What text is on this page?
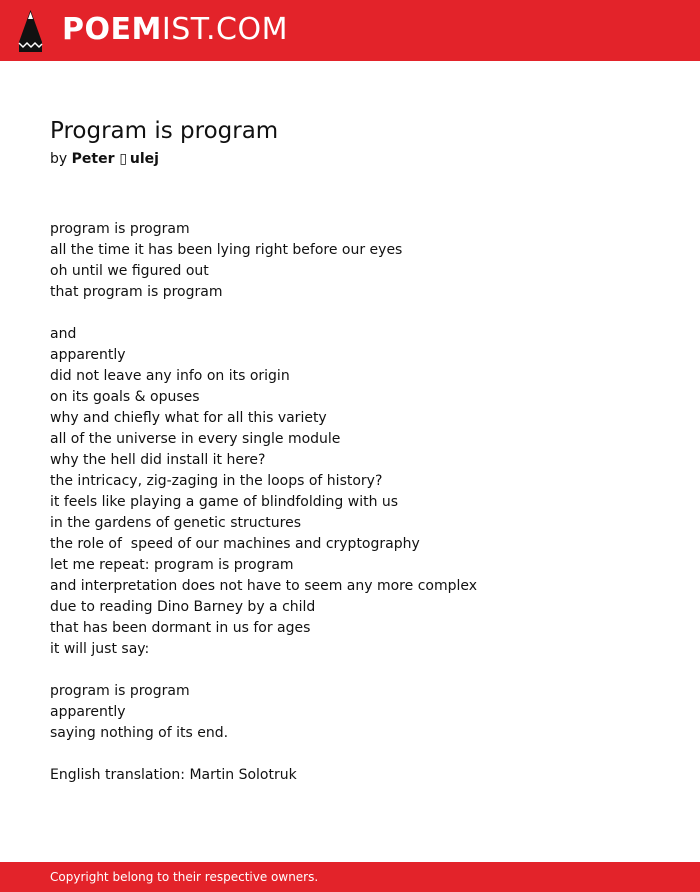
POEMIST.COM
Program is program
by Peter ▯ ulej
program is program
all the time it has been lying right before our eyes
oh until we figured out
that program is program
and
apparently
did not leave any info on its origin
on its goals & opuses
why and chiefly what for all this variety
all of the universe in every single module
why the hell did install it here?
the intricacy, zig-zaging in the loops of history?
it feels like playing a game of blindfolding with us
in the gardens of genetic structures
the role of  speed of our machines and cryptography
let me repeat: program is program
and interpretation does not have to seem any more complex
due to reading Dino Barney by a child
that has been dormant in us for ages
it will just say:
program is program
apparently
saying nothing of its end.
English translation: Martin Solotruk
Copyright belong to their respective owners.
